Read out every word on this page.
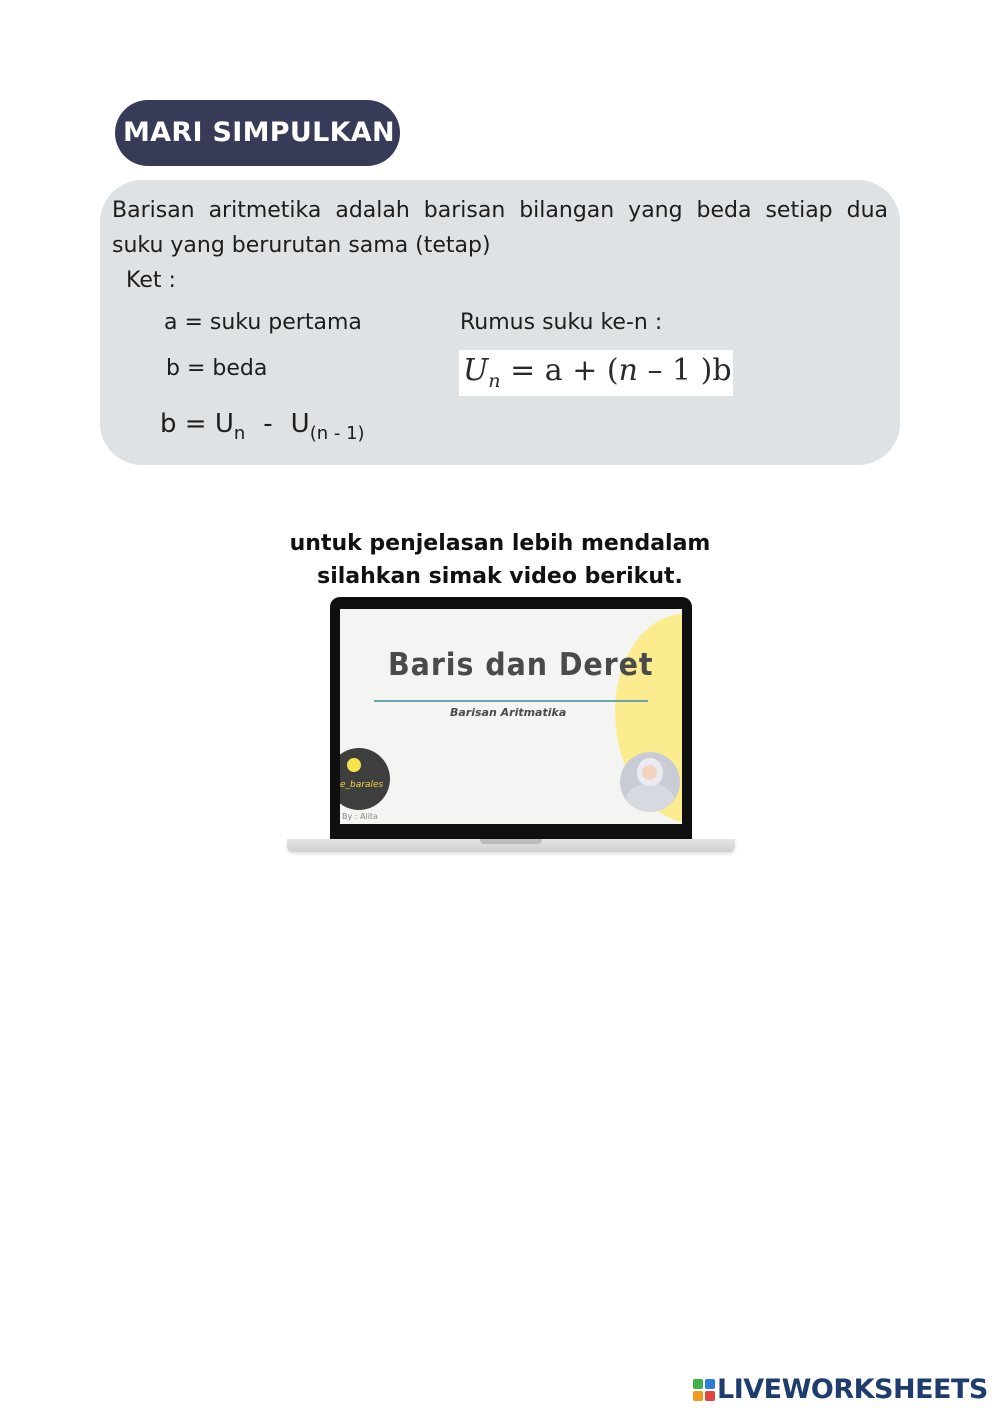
MARI SIMPULKAN
Barisan aritmetika adalah barisan bilangan yang beda setiap dua suku yang berurutan sama (tetap)
Ket :
a = suku pertama
b = beda
Rumus suku ke-n :
$U_n = a + (n - 1$ )b
$b = U_n - U_{(n - 1)}$
untuk penjelasan lebih mendalam
silahkan simak video berikut.
Baris dan Deret
Barisan Aritmatika
e_barales
By : Alita
LIVEWORKSHEETS
